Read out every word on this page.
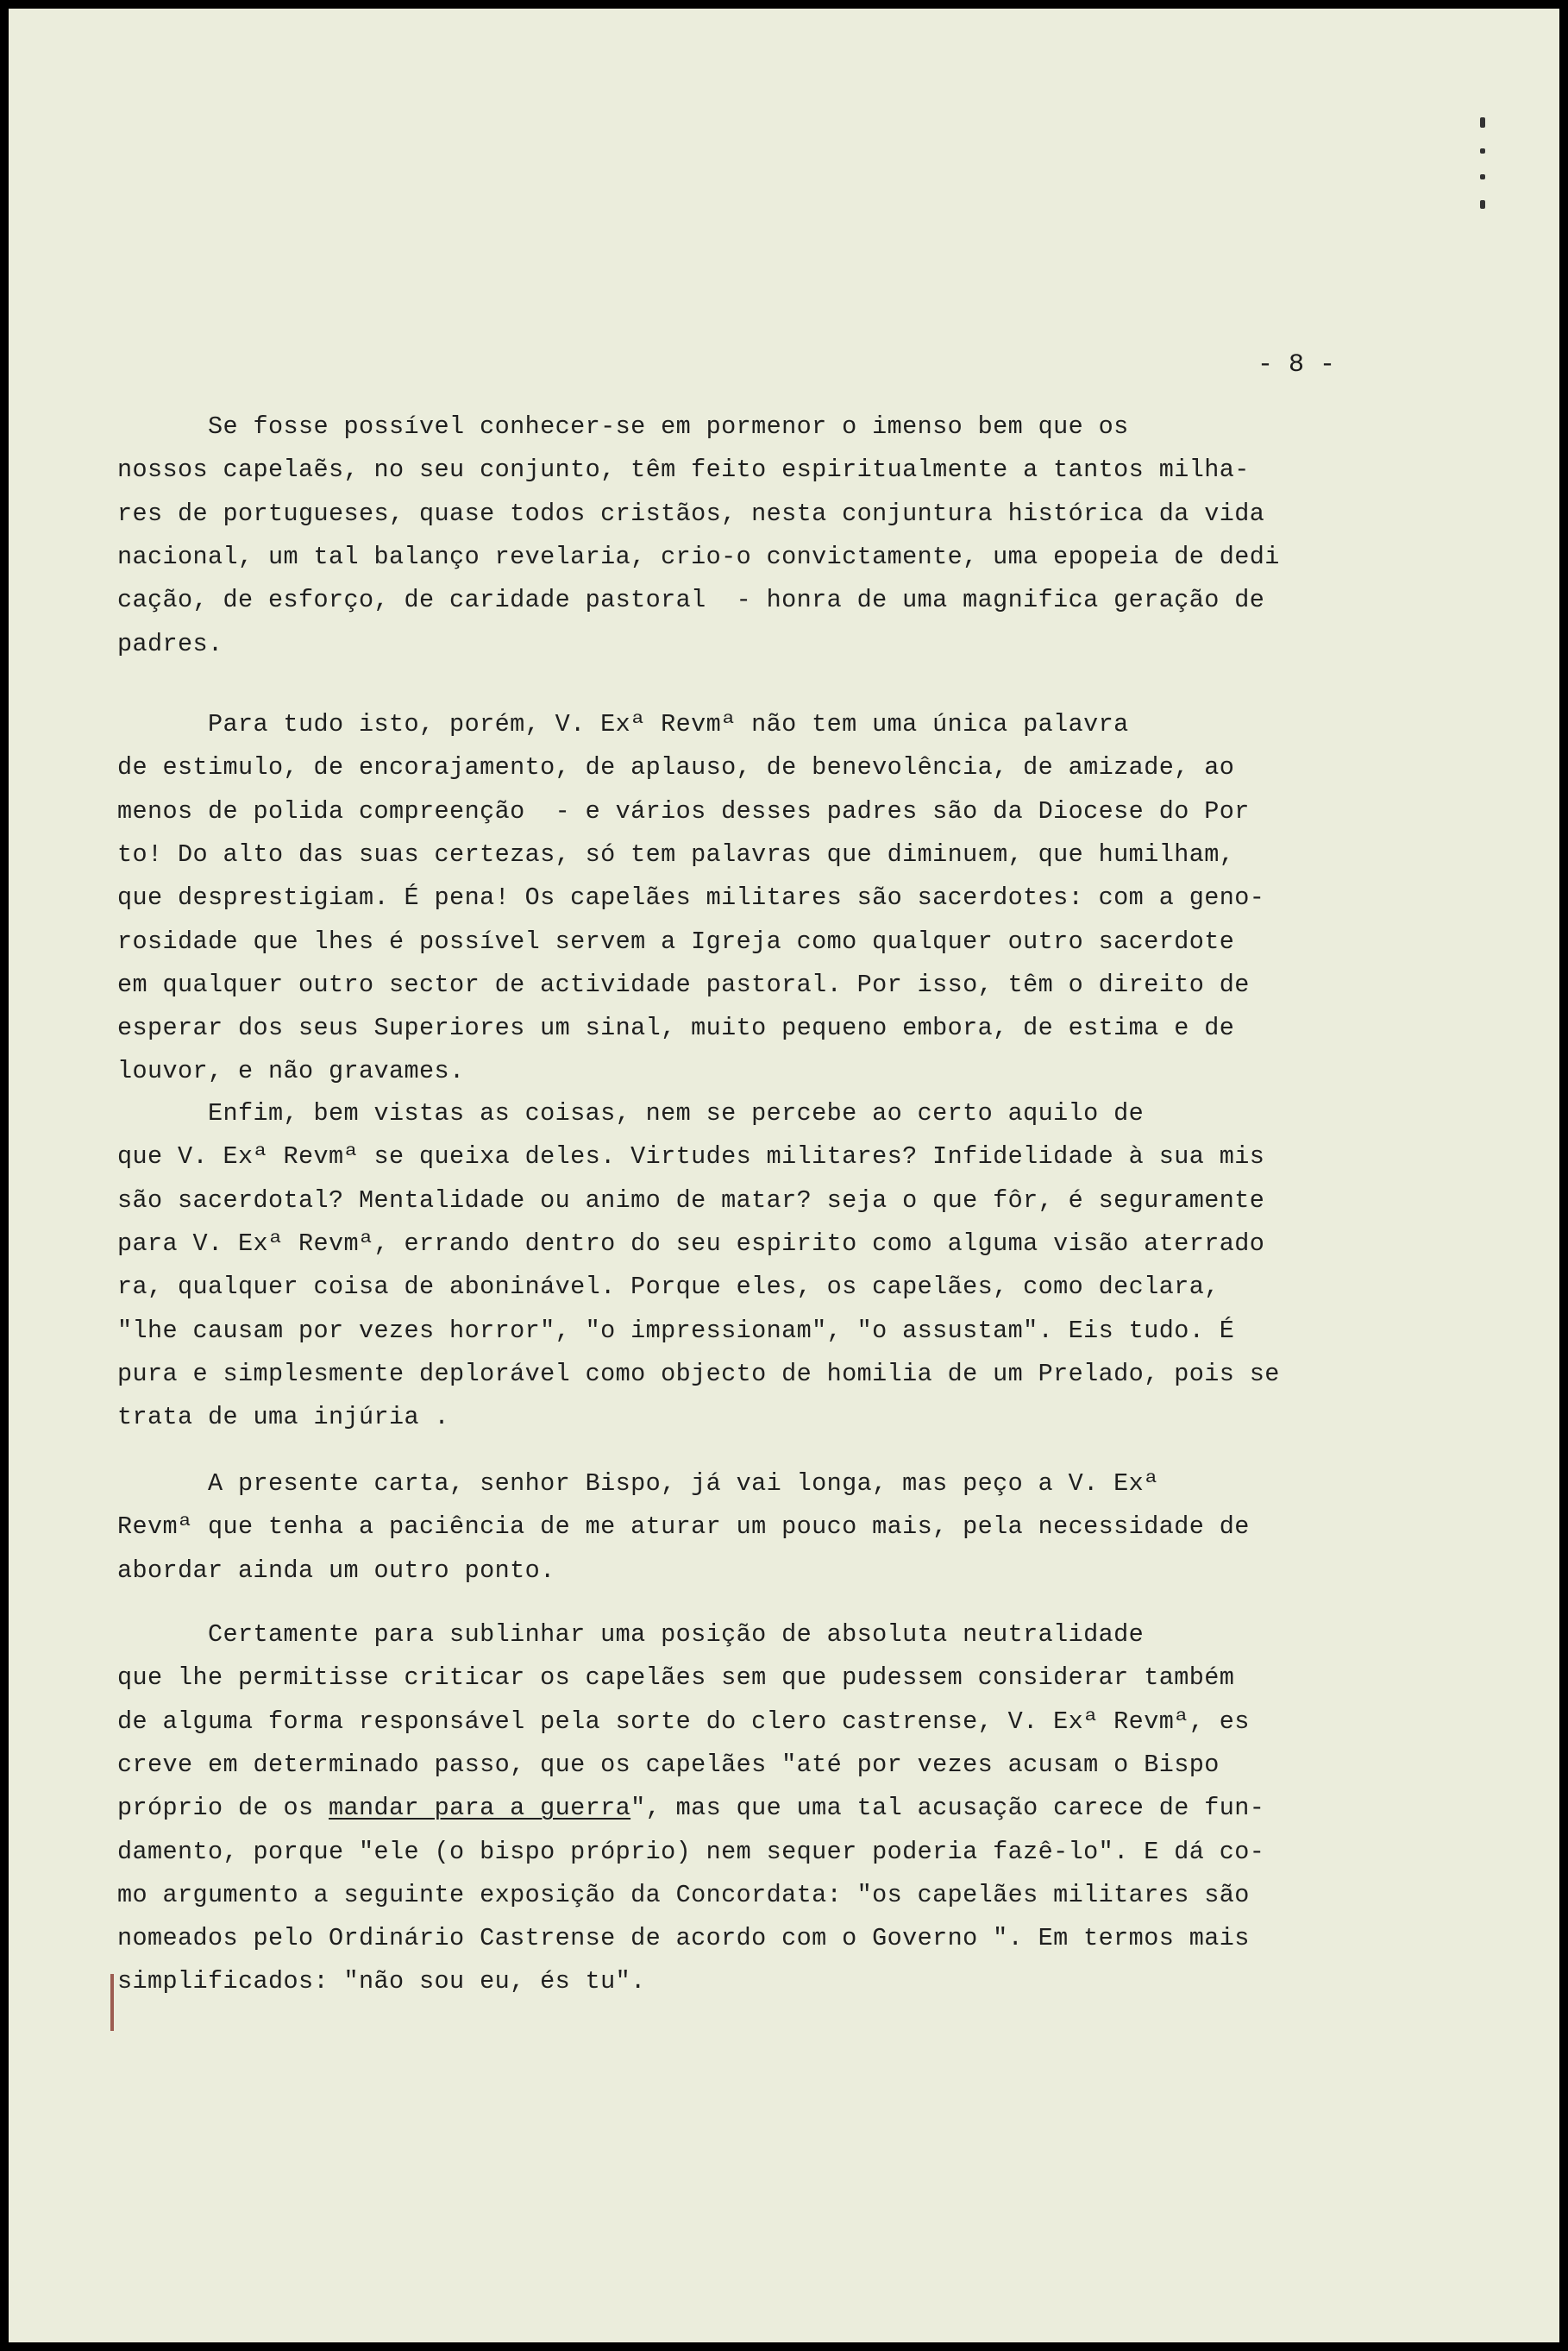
- 8 -
Se fosse possível conhecer-se em pormenor o imenso bem que os
nossos capelaẽs, no seu conjunto, têm feito espiritualmente a tantos milha-
res de portugueses, quase todos cristãos, nesta conjuntura histórica da vida
nacional, um tal balanço revelaria, crio-o convictamente, uma epopeia de dedi
cação, de esforço, de caridade pastoral  - honra de uma magnifica geração de
padres.
Para tudo isto, porém, V. Exª Revmª não tem uma única palavra
de estimulo, de encorajamento, de aplauso, de benevolência, de amizade, ao
menos de polida compreenção  - e vários desses padres são da Diocese do Por
to! Do alto das suas certezas, só tem palavras que diminuem, que humilham,
que desprestigiam. É pena! Os capelães militares são sacerdotes: com a geno-
rosidade que lhes é possível servem a Igreja como qualquer outro sacerdote
em qualquer outro sector de actividade pastoral. Por isso, têm o direito de
esperar dos seus Superiores um sinal, muito pequeno embora, de estima e de
louvor, e não gravames.
Enfim, bem vistas as coisas, nem se percebe ao certo aquilo de
que V. Exª Revmª se queixa deles. Virtudes militares? Infidelidade à sua mis
são sacerdotal? Mentalidade ou animo de matar? seja o que fôr, é seguramente
para V. Exª Revmª, errando dentro do seu espirito como alguma visão aterrado
ra, qualquer coisa de aboninável. Porque eles, os capelães, como declara,
"lhe causam por vezes horror", "o impressionam", "o assustam". Eis tudo. É
pura e simplesmente deplorável como objecto de homilia de um Prelado, pois se
trata de uma injúria .
A presente carta, senhor Bispo, já vai longa, mas peço a V. Exª
Revmª que tenha a paciência de me aturar um pouco mais, pela necessidade de
abordar ainda um outro ponto.
Certamente para sublinhar uma posição de absoluta neutralidade
que lhe permitisse criticar os capelães sem que pudessem considerar também
de alguma forma responsável pela sorte do clero castrense, V. Exª Revmª, es
creve em determinado passo, que os capelães "até por vezes acusam o Bispo
próprio de os mandar para a guerra", mas que uma tal acusação carece de fun-
damento, porque "ele (o bispo próprio) nem sequer poderia fazê-lo". E dá co-
mo argumento a seguinte exposição da Concordata: "os capelães militares são
nomeados pelo Ordinário Castrense de acordo com o Governo ". Em termos mais
simplificados: "não sou eu, és tu".
